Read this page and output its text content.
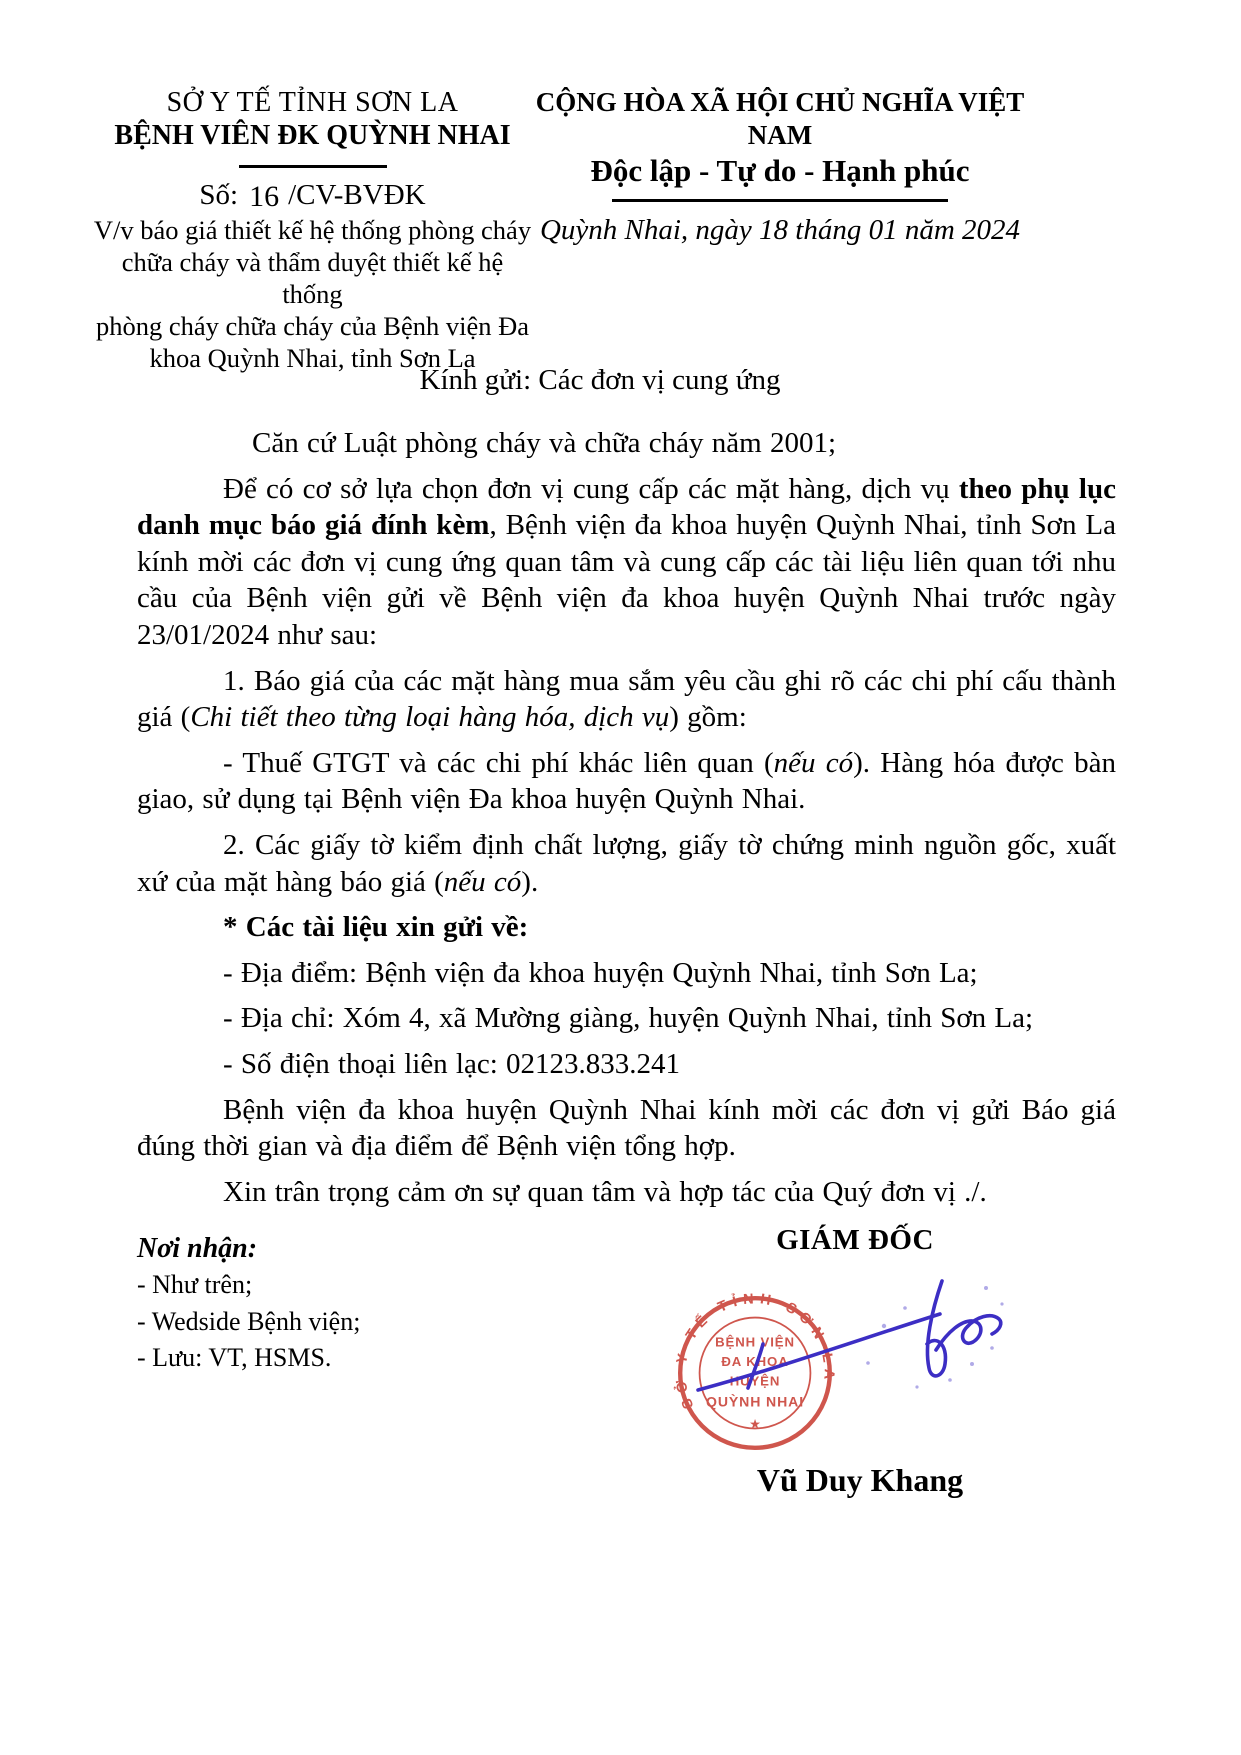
SỞ Y TẾ TỈNH SƠN LA
BỆNH VIÊN ĐK QUỲNH NHAI
Số: 16 /CV-BVĐK
V/v báo giá thiết kế hệ thống phòng cháy
chữa cháy và thẩm duyệt thiết kế hệ thống
phòng cháy chữa cháy của Bệnh viện Đa
khoa Quỳnh Nhai, tỉnh Sơn La
CỘNG HÒA XÃ HỘI CHỦ NGHĨA VIỆT NAM
Độc lập - Tự do - Hạnh phúc
Quỳnh Nhai, ngày 18 tháng 01 năm 2024
Kính gửi: Các đơn vị cung ứng

Căn cứ Luật phòng cháy và chữa cháy năm 2001;

Để có cơ sở lựa chọn đơn vị cung cấp các mặt hàng, dịch vụ theo phụ lục danh mục báo giá đính kèm, Bệnh viện đa khoa huyện Quỳnh Nhai, tỉnh Sơn La kính mời các đơn vị cung ứng quan tâm và cung cấp các tài liệu liên quan tới nhu cầu của Bệnh viện gửi về Bệnh viện đa khoa huyện Quỳnh Nhai trước ngày 23/01/2024 như sau:

1. Báo giá của các mặt hàng mua sắm yêu cầu ghi rõ các chi phí cấu thành giá (Chi tiết theo từng loại hàng hóa, dịch vụ) gồm:

- Thuế GTGT và các chi phí khác liên quan (nếu có). Hàng hóa được bàn giao, sử dụng tại Bệnh viện Đa khoa huyện Quỳnh Nhai.

2. Các giấy tờ kiểm định chất lượng, giấy tờ chứng minh nguồn gốc, xuất xứ của mặt hàng báo giá (nếu có).

* Các tài liệu xin gửi về:

- Địa điểm: Bệnh viện đa khoa huyện Quỳnh Nhai, tỉnh Sơn La;

- Địa chỉ: Xóm 4, xã Mường giàng, huyện Quỳnh Nhai, tỉnh Sơn La;

- Số điện thoại liên lạc: 02123.833.241

Bệnh viện đa khoa huyện Quỳnh Nhai kính mời các đơn vị gửi Báo giá đúng thời gian và địa điểm để Bệnh viện tổng hợp.

Xin trân trọng cảm ơn sự quan tâm và hợp tác của Quý đơn vị ./.

Nơi nhận:
- Như trên;
- Wedside Bệnh viện;
- Lưu: VT, HSMS.
GIÁM ĐỐC
Vũ Duy Khang
SỞ Y TẾ TỈNH SƠN LA
★
BỆNH VIỆN
ĐA KHOA
HUYỆN
QUỲNH NHAI
